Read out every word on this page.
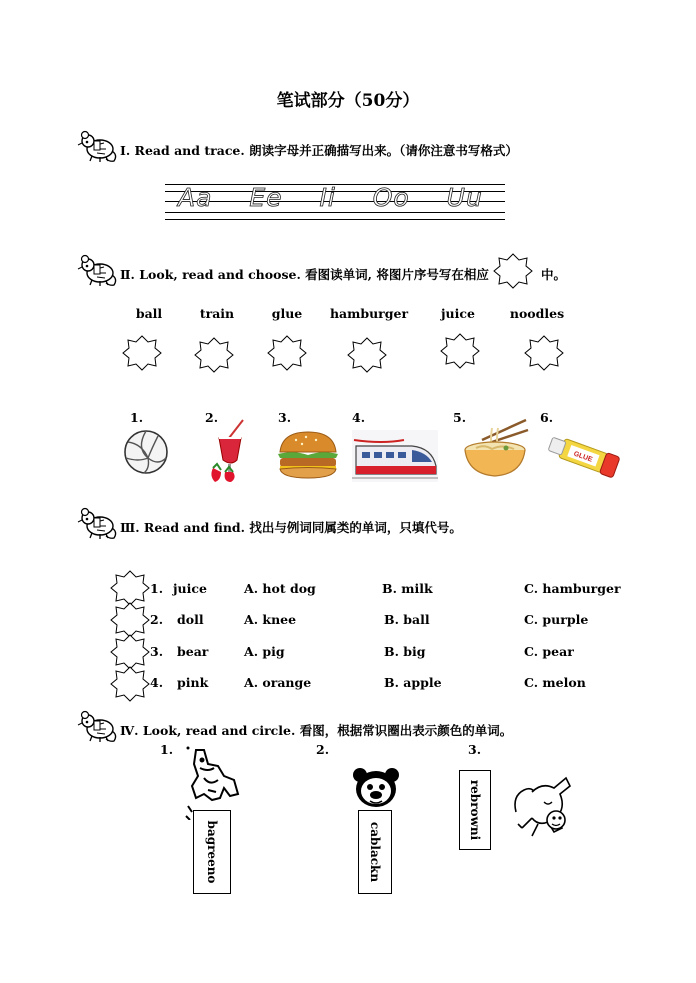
笔试部分（50分）
Ⅰ. Read and trace. 朗读字母并正确描写出来。（请你注意书写格式）
Aa Ee Ii Oo Uu
Ⅱ. Look, read and choose. 看图读单词, 将图片序号写在相应	中。
ball	train	glue	hamburger	juice	noodles
1.	2.	3.	4.	5.	6.
GLUE
Ⅲ. Read and find. 找出与例词同属类的单词，只填代号。
1. juice	A. hot dog	B. milk	C. hamburger
2. doll	A. knee	B. ball	C. purple
3. bear	A. pig	B. big	C. pear
4. pink	A. orange	B. apple	C. melon
Ⅳ. Look, read and circle. 看图，根据常识圈出表示颜色的单词。
1.	2.	3.
bagreeno	cablackn
rebrowni
